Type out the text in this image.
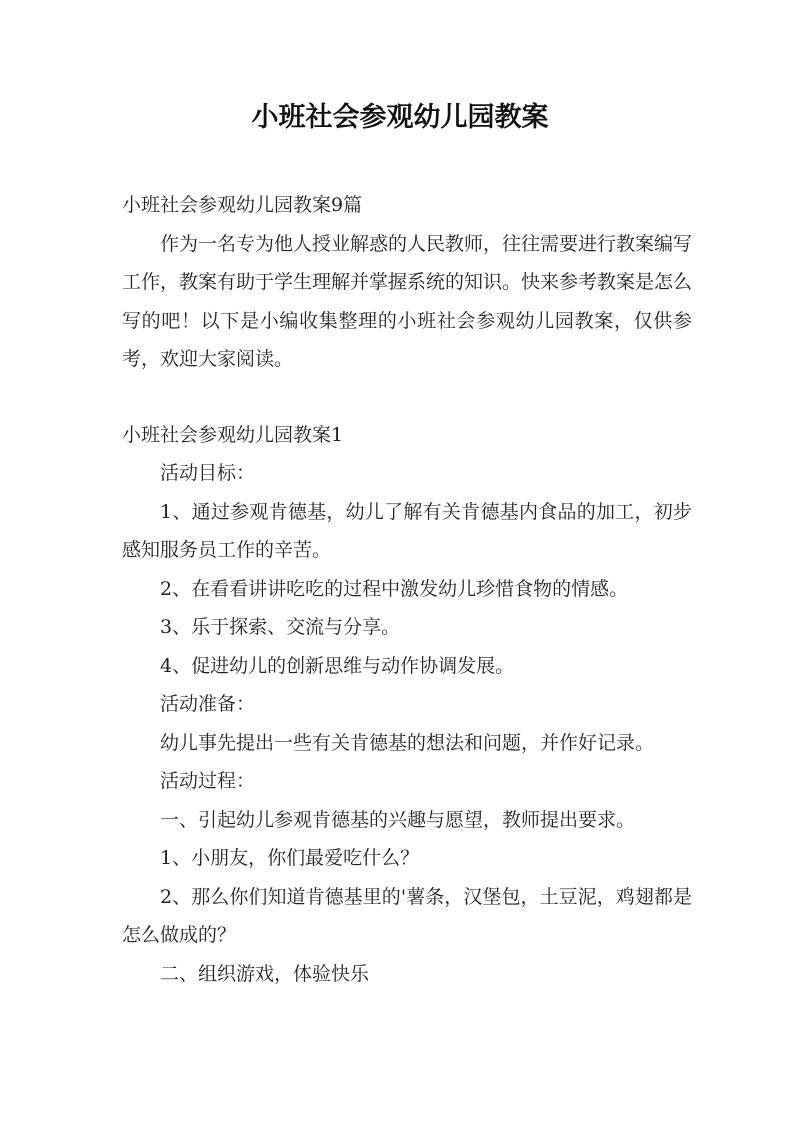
小班社会参观幼儿园教案

小班社会参观幼儿园教案9篇

作为一名专为他人授业解惑的人民教师，往往需要进行教案编写工作，教案有助于学生理解并掌握系统的知识。快来参考教案是怎么写的吧！以下是小编收集整理的小班社会参观幼儿园教案，仅供参考，欢迎大家阅读。

小班社会参观幼儿园教案1

活动目标：

1、通过参观肯德基，幼儿了解有关肯德基内食品的加工，初步感知服务员工作的辛苦。

2、在看看讲讲吃吃的过程中激发幼儿珍惜食物的情感。

3、乐于探索、交流与分享。

4、促进幼儿的创新思维与动作协调发展。

活动准备：

幼儿事先提出一些有关肯德基的想法和问题，并作好记录。

活动过程：

一、引起幼儿参观肯德基的兴趣与愿望，教师提出要求。

1、小朋友，你们最爱吃什么？

2、那么你们知道肯德基里的'薯条，汉堡包，土豆泥，鸡翅都是怎么做成的？

二、组织游戏，体验快乐
